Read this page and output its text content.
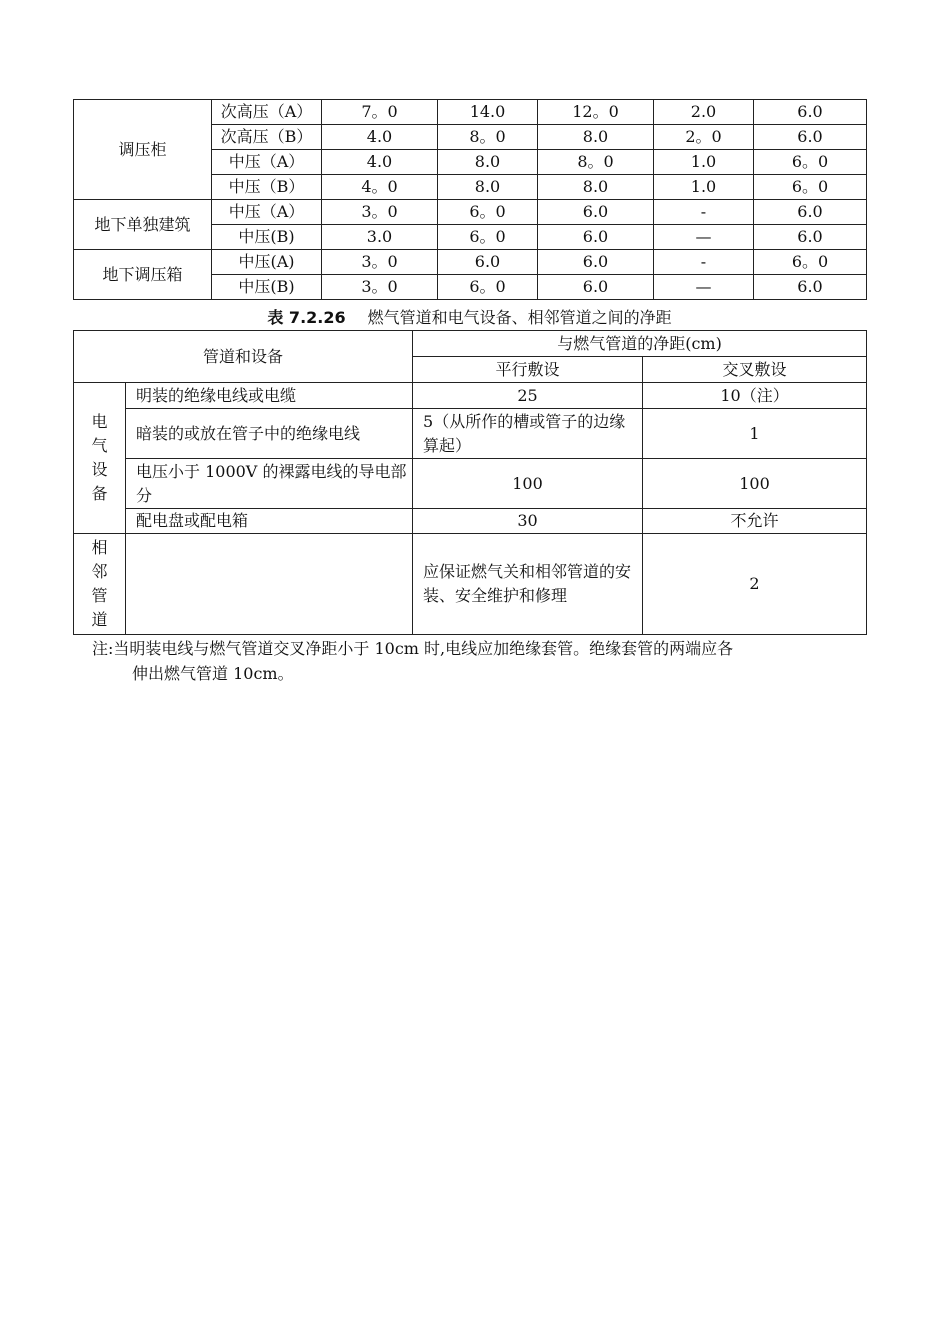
调压柜	次高压（A）	7。0	14.0	12。0	2.0	6.0
	次高压（B）	4.0	8。0	8.0	2。0	6.0
	中压（A）	4.0	8.0	8。0	1.0	6。0
	中压（B）	4。0	8.0	8.0	1.0	6。0
地下单独建筑	中压（A）	3。0	6。0	6.0	-	6.0
	中压(B)	3.0	6。0	6.0	—	6.0
地下调压箱	中压(A)	3。0	6.0	6.0	-	6。0
	中压(B)	3。0	6。0	6.0	—	6.0
表 7.2.26 燃气管道和电气设备、相邻管道之间的净距
管道和设备		与燃气管道的净距(cm)	
		平行敷设	交叉敷设

电气设备	明装的绝缘电线或电缆	25	10（注）
	暗装的或放在管子中的绝缘电线	5（从所作的槽或管子的边缘算起）	1
	电压小于 1000V 的裸露电线的导电部分	100	100
	配电盘或配电箱	30	不允许

相邻管道		应保证燃气关和相邻管道的安装、安全维护和修理	2
注:当明装电线与燃气管道交叉净距小于 10cm 时,电线应加绝缘套管。绝缘套管的两端应各
伸出燃气管道 10cm。
